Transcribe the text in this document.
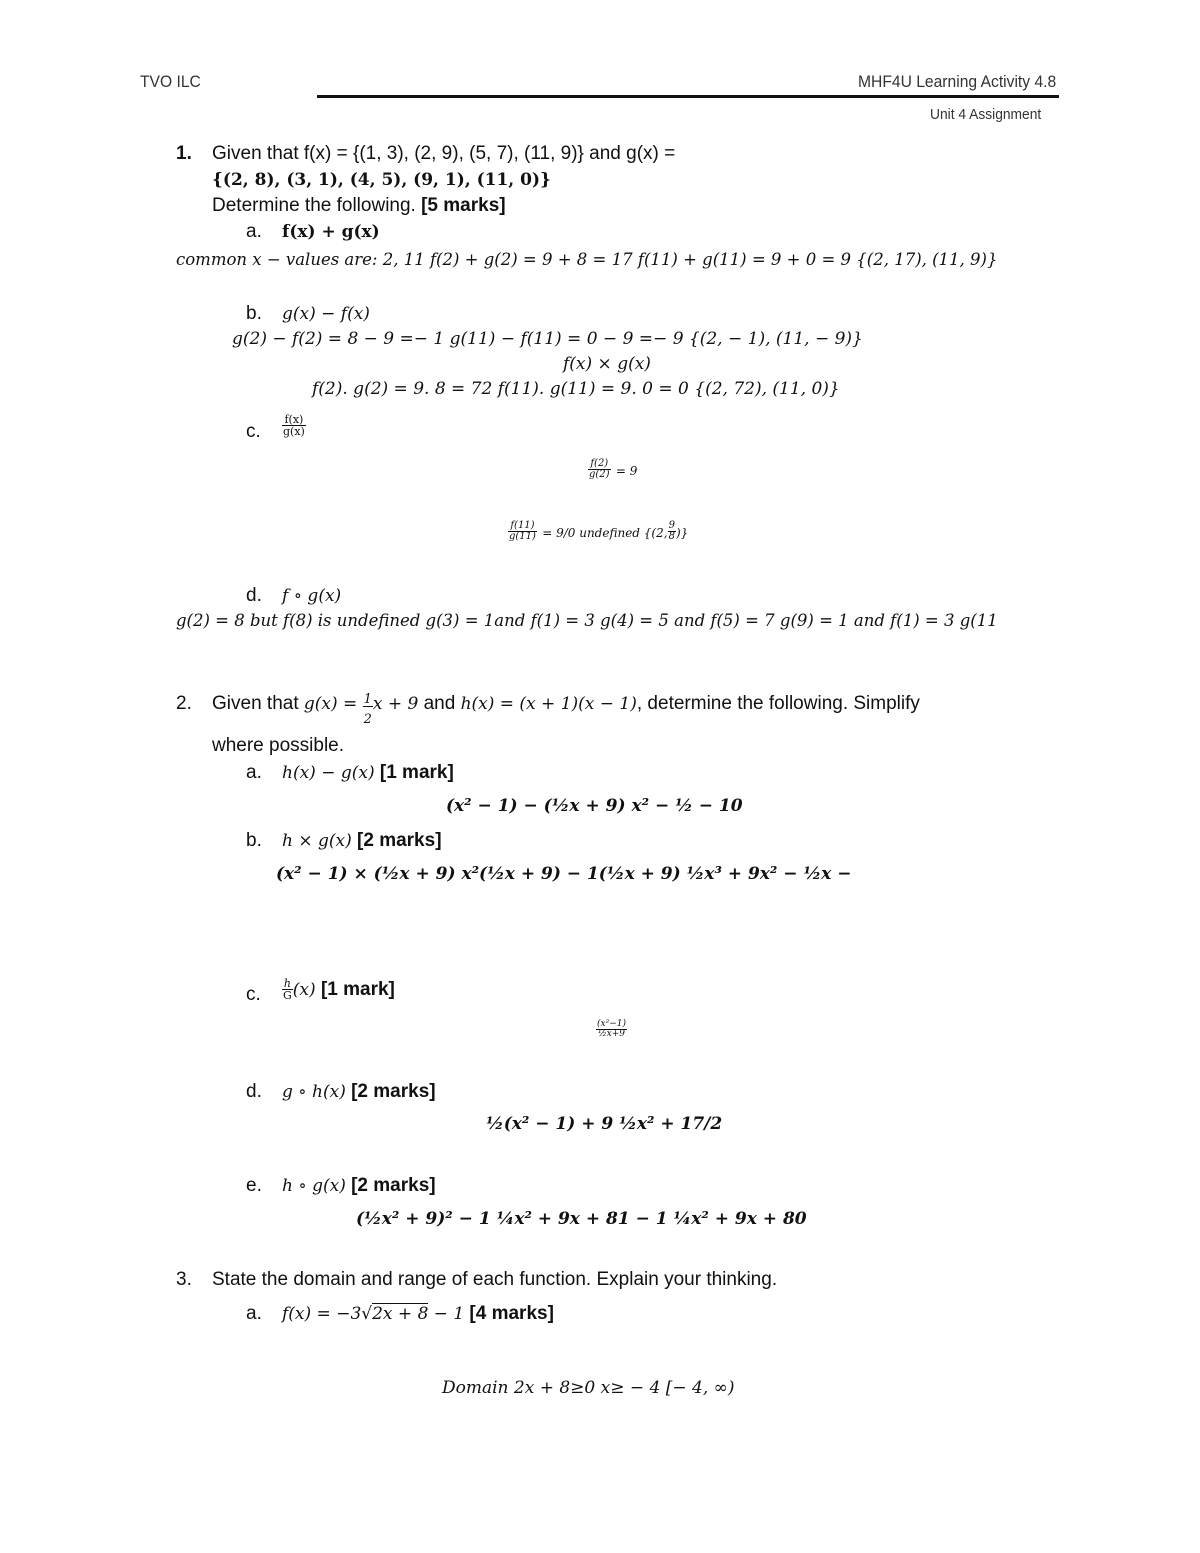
TVO ILC	MHF4U Learning Activity 4.8
Unit 4 Assignment
1. Given that f(x) = {(1, 3), (2, 9), (5, 7), (11, 9)} and g(x) =
{(2, 8), (3, 1), (4, 5), (9, 1), (11, 0)}
Determine the following. [5 marks]
a. f(x) + g(x)
common x − values are: 2, 11 f(2) + g(2) = 9 + 8 = 17 f(11) + g(11) = 9 + 0 = 9 {(2, 17), (11, 9)}
b. g(x) − f(x)
g(2) − f(2) = 8 − 9 =− 1 g(11) − f(11) = 0 − 9 =− 9 {(2, − 1), (11, − 9)}
f(x) × g(x)
f(2). g(2) = 9. 8 = 72 f(11). g(11) = 9. 0 = 0 {(2, 72), (11, 0)}
c. $\frac{f(x)}{g(x)}$
$\frac{f(2)}{g(2)} = 9$
$\frac{f(11)}{g(11)} = 9/0$ undefined {(2, $\frac{9}{8}$ )}
d. f ∘ g(x)
g(2) = 8 but f(8) is undefined g(3) = 1and f(1) = 3 g(4) = 5 and f(5) = 7 g(9) = 1 and f(1) = 3 g(11
2. Given that $g(x) = \frac{1}{2}$ x + 9 and h(x) = (x + 1)(x − 1), determine the following. Simplify
where possible.
a. h(x) − g(x) [1 mark]
(x² − 1) − (½x + 9) x² − ½ − 10
b. h × g(x) [2 marks]
(x² − 1) × (½x + 9) x²(½x + 9) − 1(½x + 9) ½x³ + 9x² − ½x −
c. $\frac{h}{G} (x)$ [1 mark]
$\frac{\text{(x²−1)}}{\text{½x+9}}$
d. g ∘ h(x) [2 marks]
½(x² − 1) + 9 ½x² + 17/2
e. h ∘ g(x) [2 marks]
(½x² + 9)² − 1 ¼x² + 9x + 81 − 1 ¼x² + 9x + 80
3. State the domain and range of each function. Explain your thinking.
a. f(x) = −3√2x + 8 − 1 [4 marks]
Domain 2x + 8≥0 x≥ − 4 [− 4, ∞)
